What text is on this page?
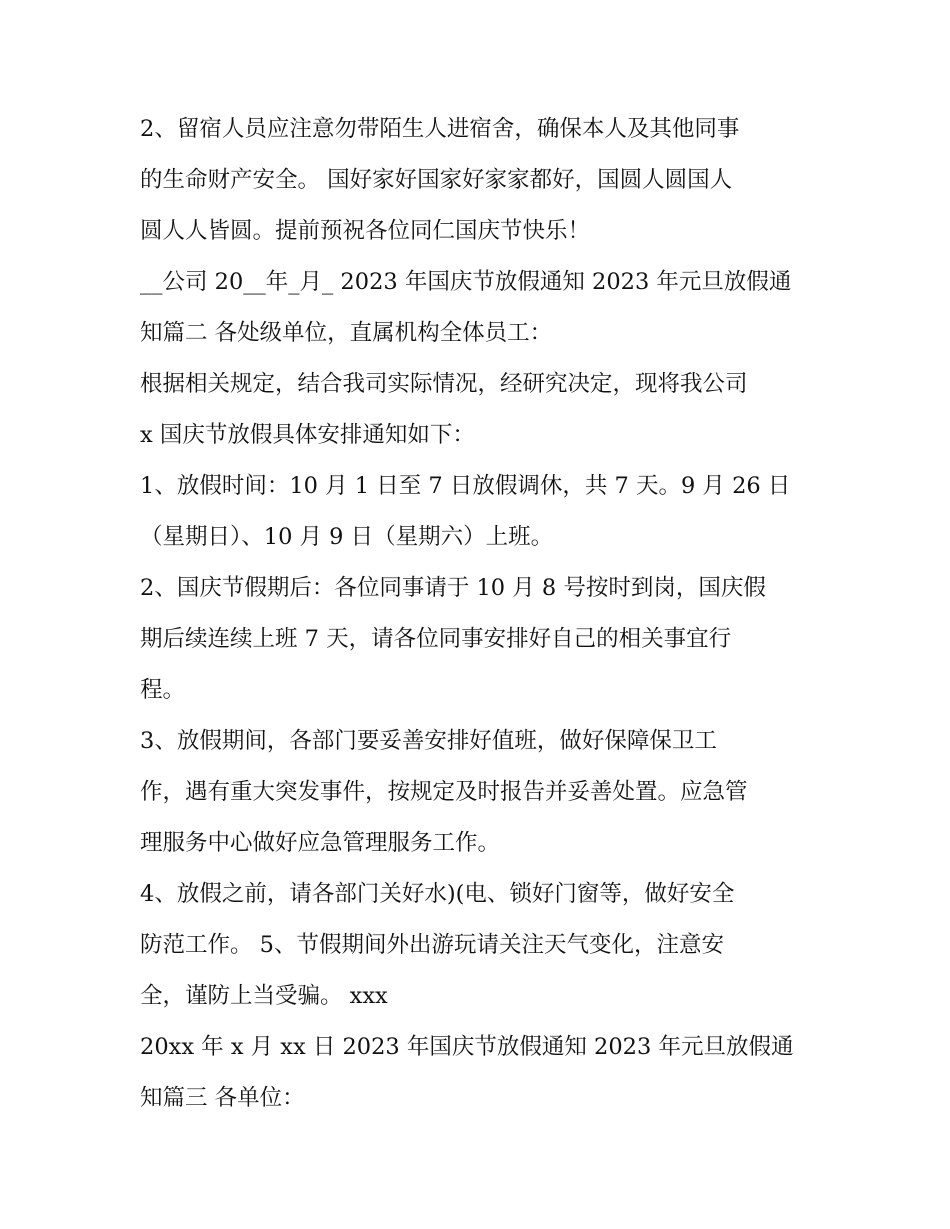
2、留宿人员应注意勿带陌生人进宿舍，确保本人及其他同事
的生命财产安全。 国好家好国家好家家都好，国圆人圆国人
圆人人皆圆。提前预祝各位同仁国庆节快乐！
__公司 20__年_月_ 2023 年国庆节放假通知 2023 年元旦放假通
知篇二 各处级单位，直属机构全体员工：
根据相关规定，结合我司实际情况，经研究决定，现将我公司
x 国庆节放假具体安排通知如下：
1、放假时间：10 月 1 日至 7 日放假调休，共 7 天。9 月 26 日
（星期日）、10 月 9 日（星期六）上班。
2、国庆节假期后：各位同事请于 10 月 8 号按时到岗，国庆假
期后续连续上班 7 天，请各位同事安排好自己的相关事宜行
程。
3、放假期间，各部门要妥善安排好值班，做好保障保卫工
作，遇有重大突发事件，按规定及时报告并妥善处置。应急管
理服务中心做好应急管理服务工作。
4、放假之前，请各部门关好水)(电、锁好门窗等，做好安全
防范工作。 5、节假期间外出游玩请关注天气变化，注意安
全，谨防上当受骗。 xxx
20xx 年 x 月 xx 日 2023 年国庆节放假通知 2023 年元旦放假通
知篇三 各单位：
